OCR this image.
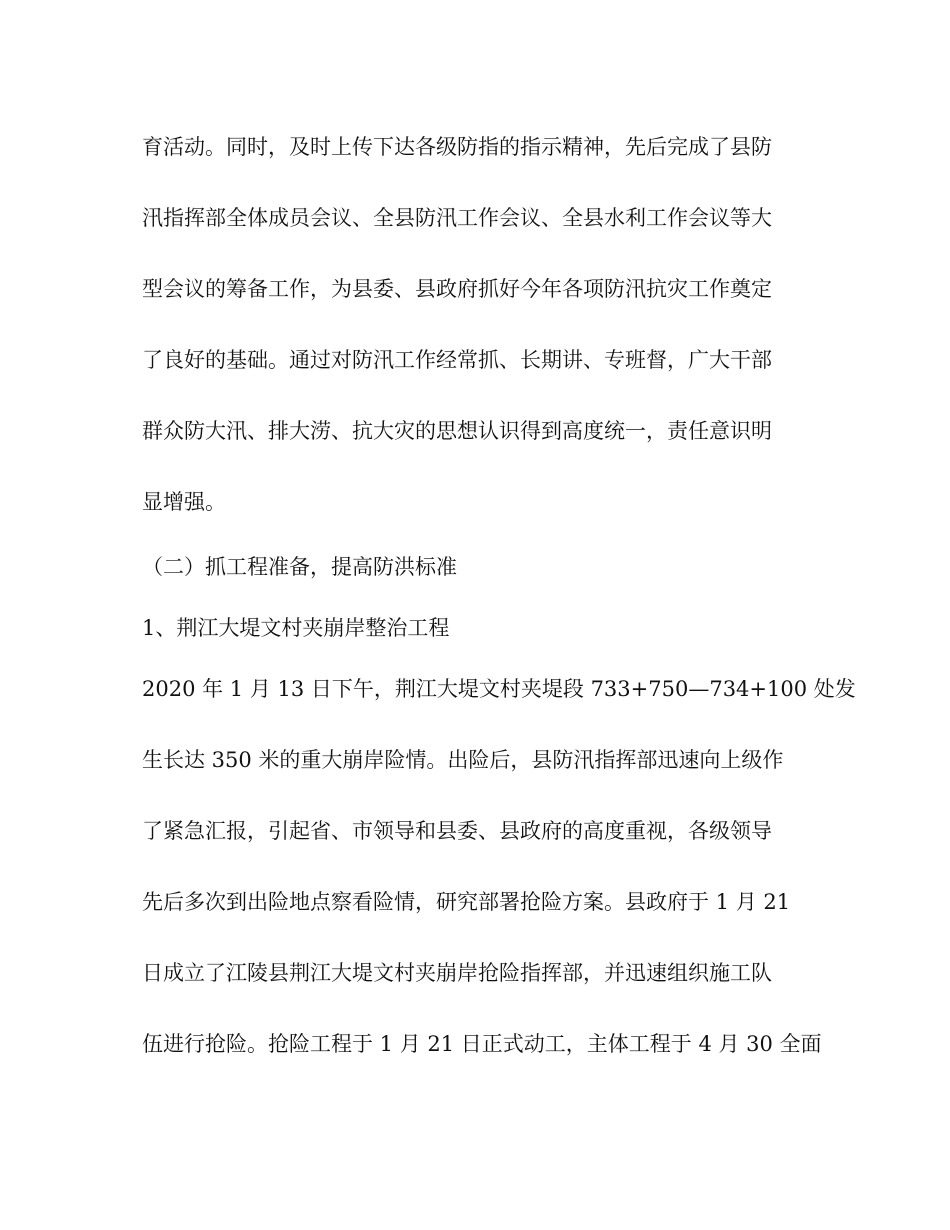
育活动。同时，及时上传下达各级防指的指示精神，先后完成了县防

汛指挥部全体成员会议、全县防汛工作会议、全县水利工作会议等大

型会议的筹备工作，为县委、县政府抓好今年各项防汛抗灾工作奠定

了良好的基础。通过对防汛工作经常抓、长期讲、专班督，广大干部

群众防大汛、排大涝、抗大灾的思想认识得到高度统一，责任意识明

显增强。

（二）抓工程准备，提高防洪标准

1、荆江大堤文村夹崩岸整治工程

2020 年 1 月 13 日下午，荆江大堤文村夹堤段 733+750—734+100 处发

生长达 350 米的重大崩岸险情。出险后，县防汛指挥部迅速向上级作

了紧急汇报，引起省、市领导和县委、县政府的高度重视，各级领导

先后多次到出险地点察看险情，研究部署抢险方案。县政府于 1 月 21

日成立了江陵县荆江大堤文村夹崩岸抢险指挥部，并迅速组织施工队

伍进行抢险。抢险工程于 1 月 21 日正式动工，主体工程于 4 月 30 全面
